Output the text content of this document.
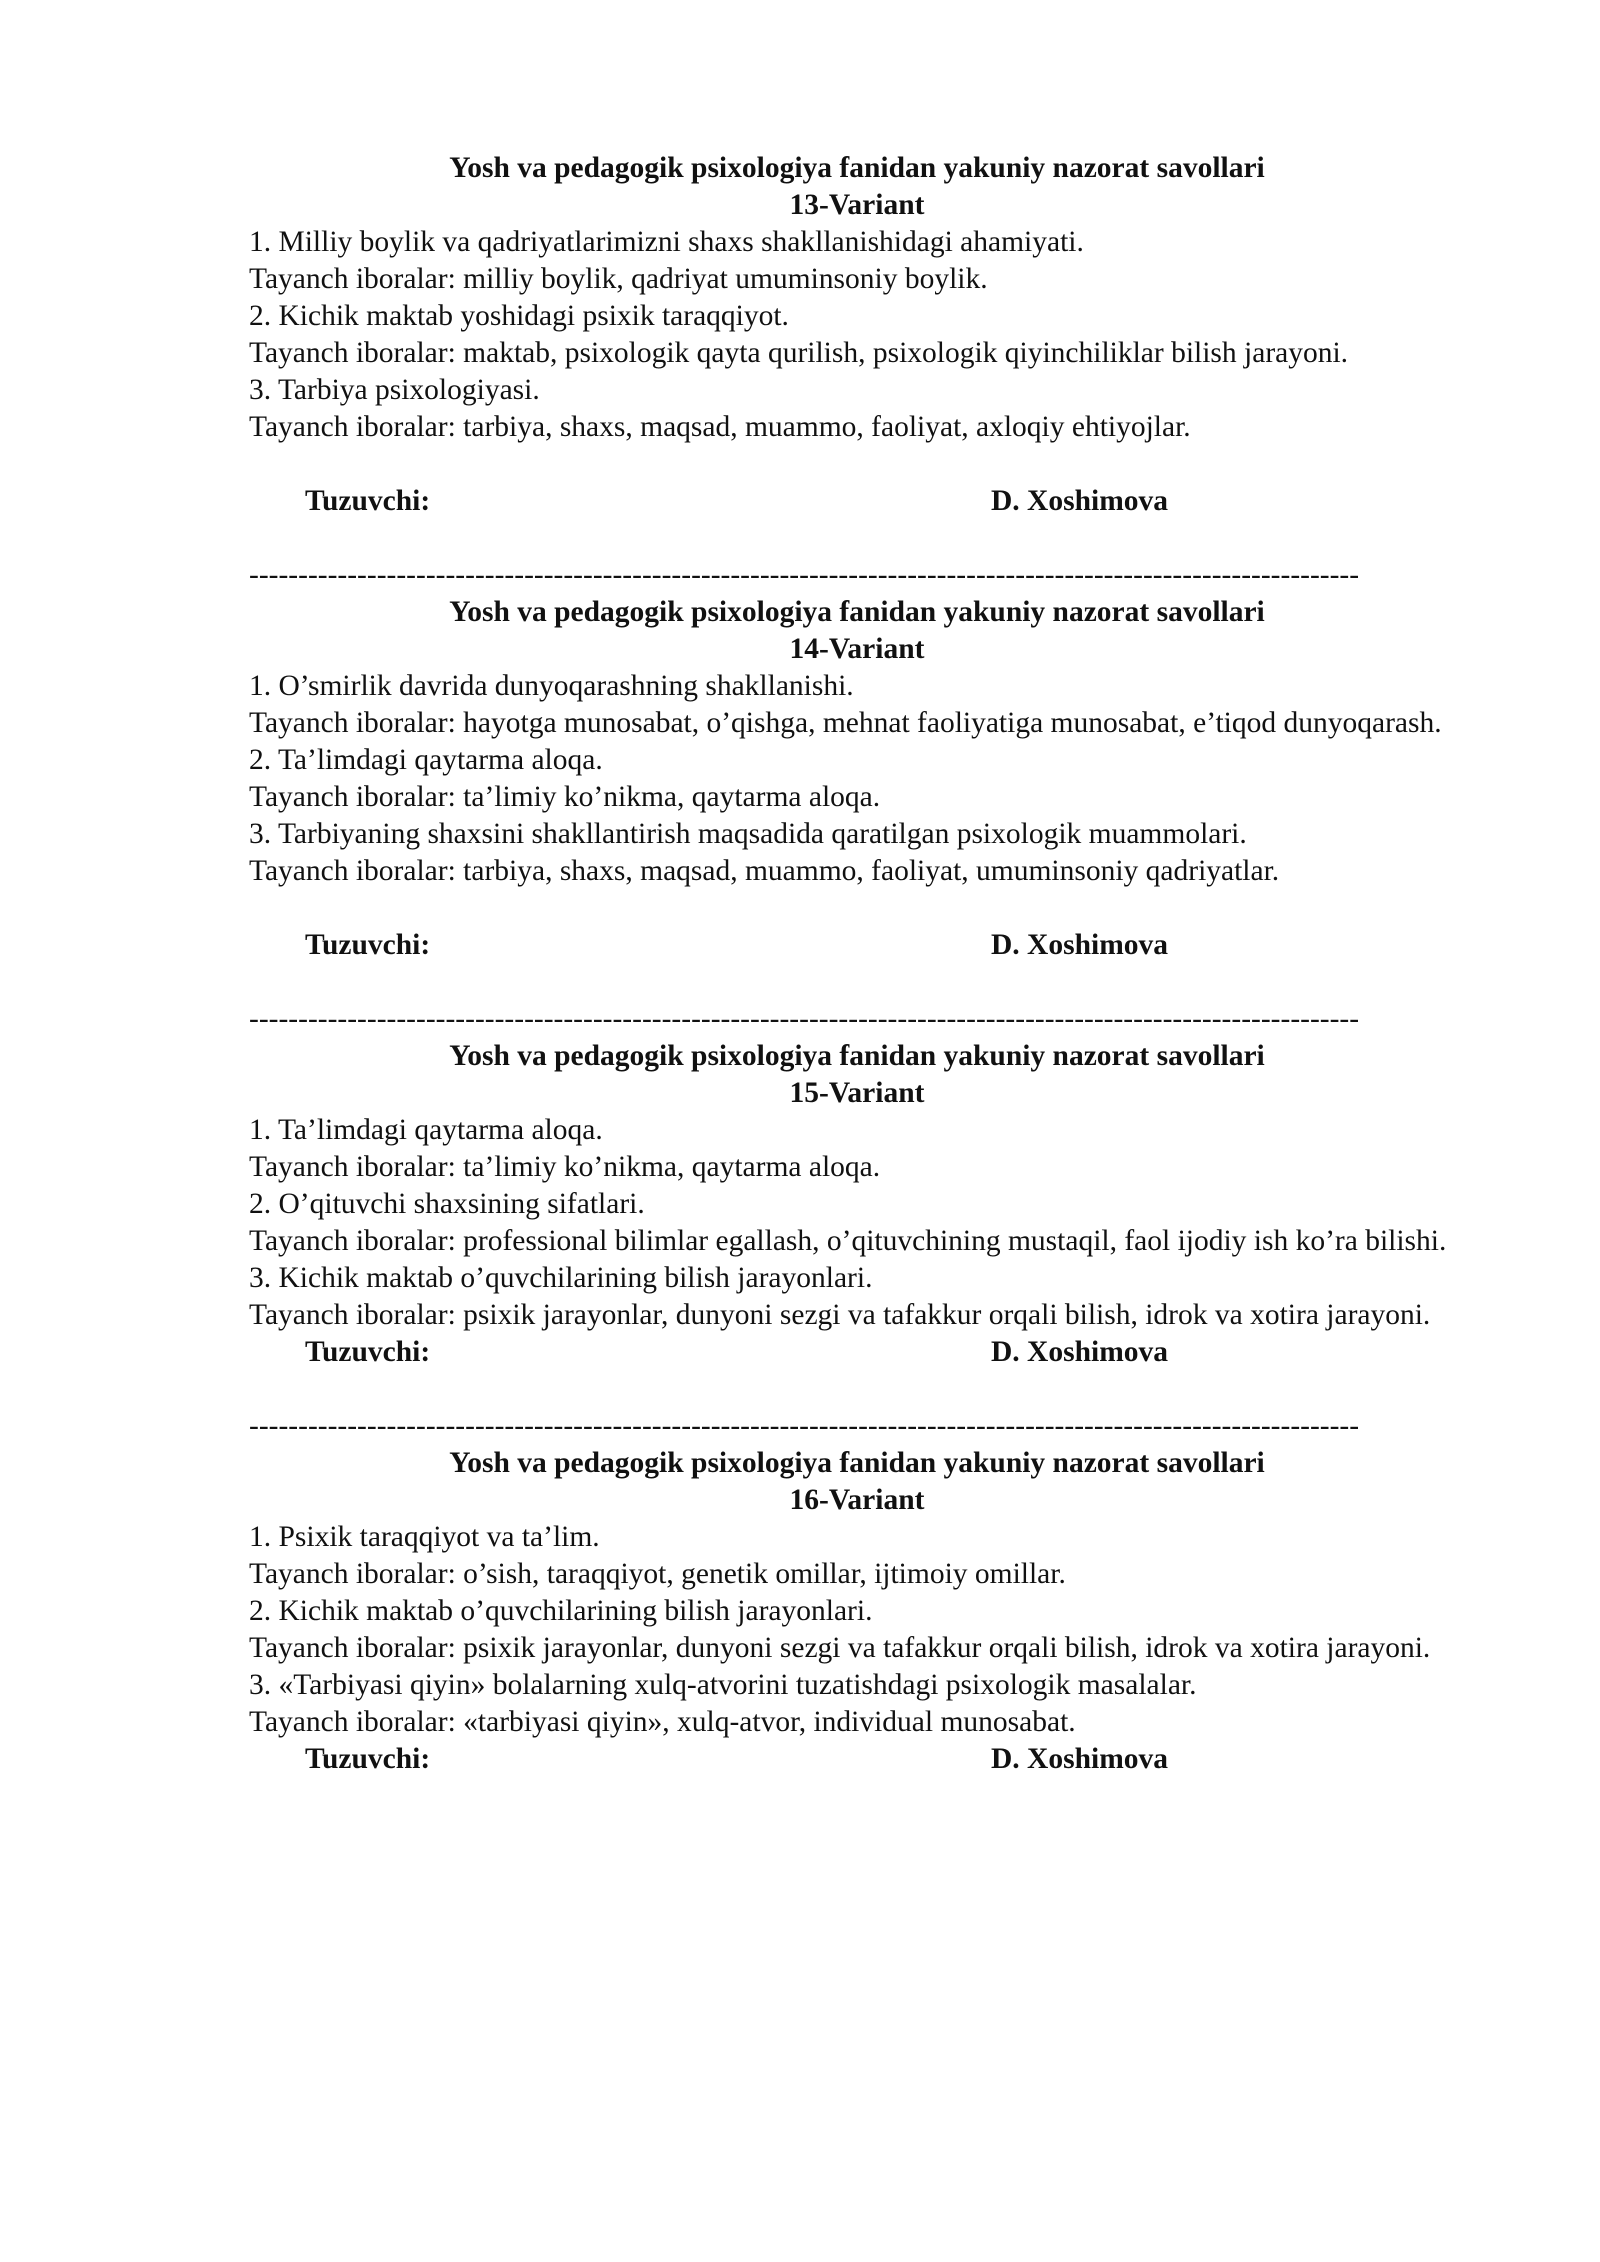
Yosh va pedagogik psixologiya fanidan yakuniy nazorat savollari

13-Variant

1. Milliy boylik va qadriyatlarimizni shaxs shakllanishidagi ahamiyati.

Tayanch iboralar: milliy boylik, qadriyat umuminsoniy boylik.

2. Kichik maktab yoshidagi psixik taraqqiyot.

Tayanch iboralar: maktab, psixologik qayta qurilish, psixologik qiyinchiliklar bilish jarayoni.

3. Tarbiya psixologiyasi.

Tayanch iboralar: tarbiya, shaxs, maqsad, muammo, faoliyat, axloqiy ehtiyojlar.

Tuzuvchi:	D. Xoshimova

-----------------------------------------------------------------------------------------------------------------

Yosh va pedagogik psixologiya fanidan yakuniy nazorat savollari

14-Variant

1. O’smirlik davrida dunyoqarashning shakllanishi.

Tayanch iboralar: hayotga munosabat, o’qishga, mehnat faoliyatiga munosabat, e’tiqod dunyoqarash.

2. Ta’limdagi qaytarma aloqa.

Tayanch iboralar: ta’limiy ko’nikma, qaytarma aloqa.

3. Tarbiyaning shaxsini shakllantirish maqsadida qaratilgan psixologik muammolari.

Tayanch iboralar: tarbiya, shaxs, maqsad, muammo, faoliyat, umuminsoniy qadriyatlar.

Tuzuvchi:	D. Xoshimova

-----------------------------------------------------------------------------------------------------------------

Yosh va pedagogik psixologiya fanidan yakuniy nazorat savollari

15-Variant

1. Ta’limdagi qaytarma aloqa.

Tayanch iboralar: ta’limiy ko’nikma, qaytarma aloqa.

2. O’qituvchi shaxsining sifatlari.

Tayanch iboralar: professional bilimlar egallash, o’qituvchining mustaqil, faol ijodiy ish ko’ra bilishi.

3. Kichik maktab o’quvchilarining bilish jarayonlari.

Tayanch iboralar: psixik jarayonlar, dunyoni sezgi va tafakkur orqali bilish, idrok va xotira jarayoni.

Tuzuvchi:	D. Xoshimova

-----------------------------------------------------------------------------------------------------------------

Yosh va pedagogik psixologiya fanidan yakuniy nazorat savollari

16-Variant

1. Psixik taraqqiyot va ta’lim.

Tayanch iboralar: o’sish, taraqqiyot, genetik omillar, ijtimoiy omillar.

2. Kichik maktab o’quvchilarining bilish jarayonlari.

Tayanch iboralar: psixik jarayonlar, dunyoni sezgi va tafakkur orqali bilish, idrok va xotira jarayoni.

3. «Tarbiyasi qiyin» bolalarning xulq-atvorini tuzatishdagi psixologik masalalar.

Tayanch iboralar: «tarbiyasi qiyin», xulq-atvor, individual munosabat.

Tuzuvchi:	D. Xoshimova
